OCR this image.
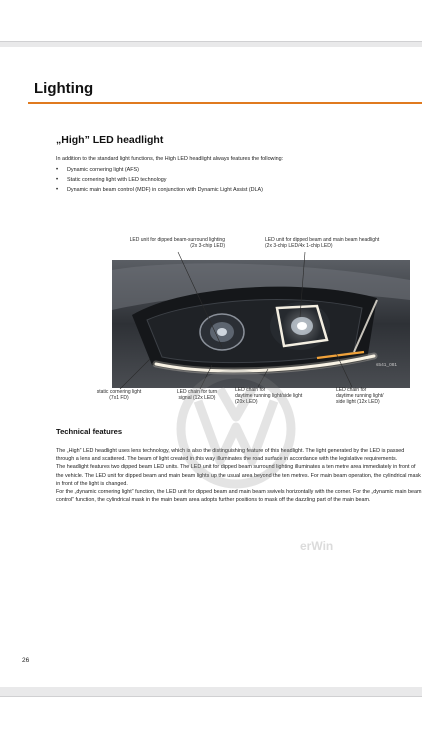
Lighting
„High” LED headlight
In addition to the standard light functions, the High LED headlight always features the following:
• Dynamic cornering light (AFS)
• Static cornering light with LED technology
• Dynamic main beam control (MDF) in conjunction with Dynamic Light Assist (DLA)
s541_081
LED unit for dipped beam-surround lighting
(2x 3-chip LED)
LED unit for dipped beam and main beam headlight
(2x 3-chip LED/4x 1-chip LED)
static cornering light
(7x1 FD)
LED chain for turn
signal (12x LED)
LED chain for
daytime running light/side light
(20x LED)
LED chain for
daytime running light/
side light (12x LED)
Technical features

The „High” LED headlight uses lens technology, which is also the distinguishing feature of this headlight. The light generated by the LED is passed through a lens and scattered. The beam of light created in this way illuminates the road surface in accordance with the legislative requirements.

The headlight features two dipped beam LED units. The LED unit for dipped beam surround lighting illuminates a ten metre area immediately in front of the vehicle. The LED unit for dipped beam and main beam lights up the usual area beyond the ten metres. For main beam operation, the cylindrical mask in front of the light is changed.

For the „dynamic cornering light” function, the LED unit for dipped beam and main beam swivels horizontally with the corner. For the „dynamic main beam control” function, the cylindrical mask in the main beam area adopts further positions to mask off the dazzling part of the main beam.

erWin
26
